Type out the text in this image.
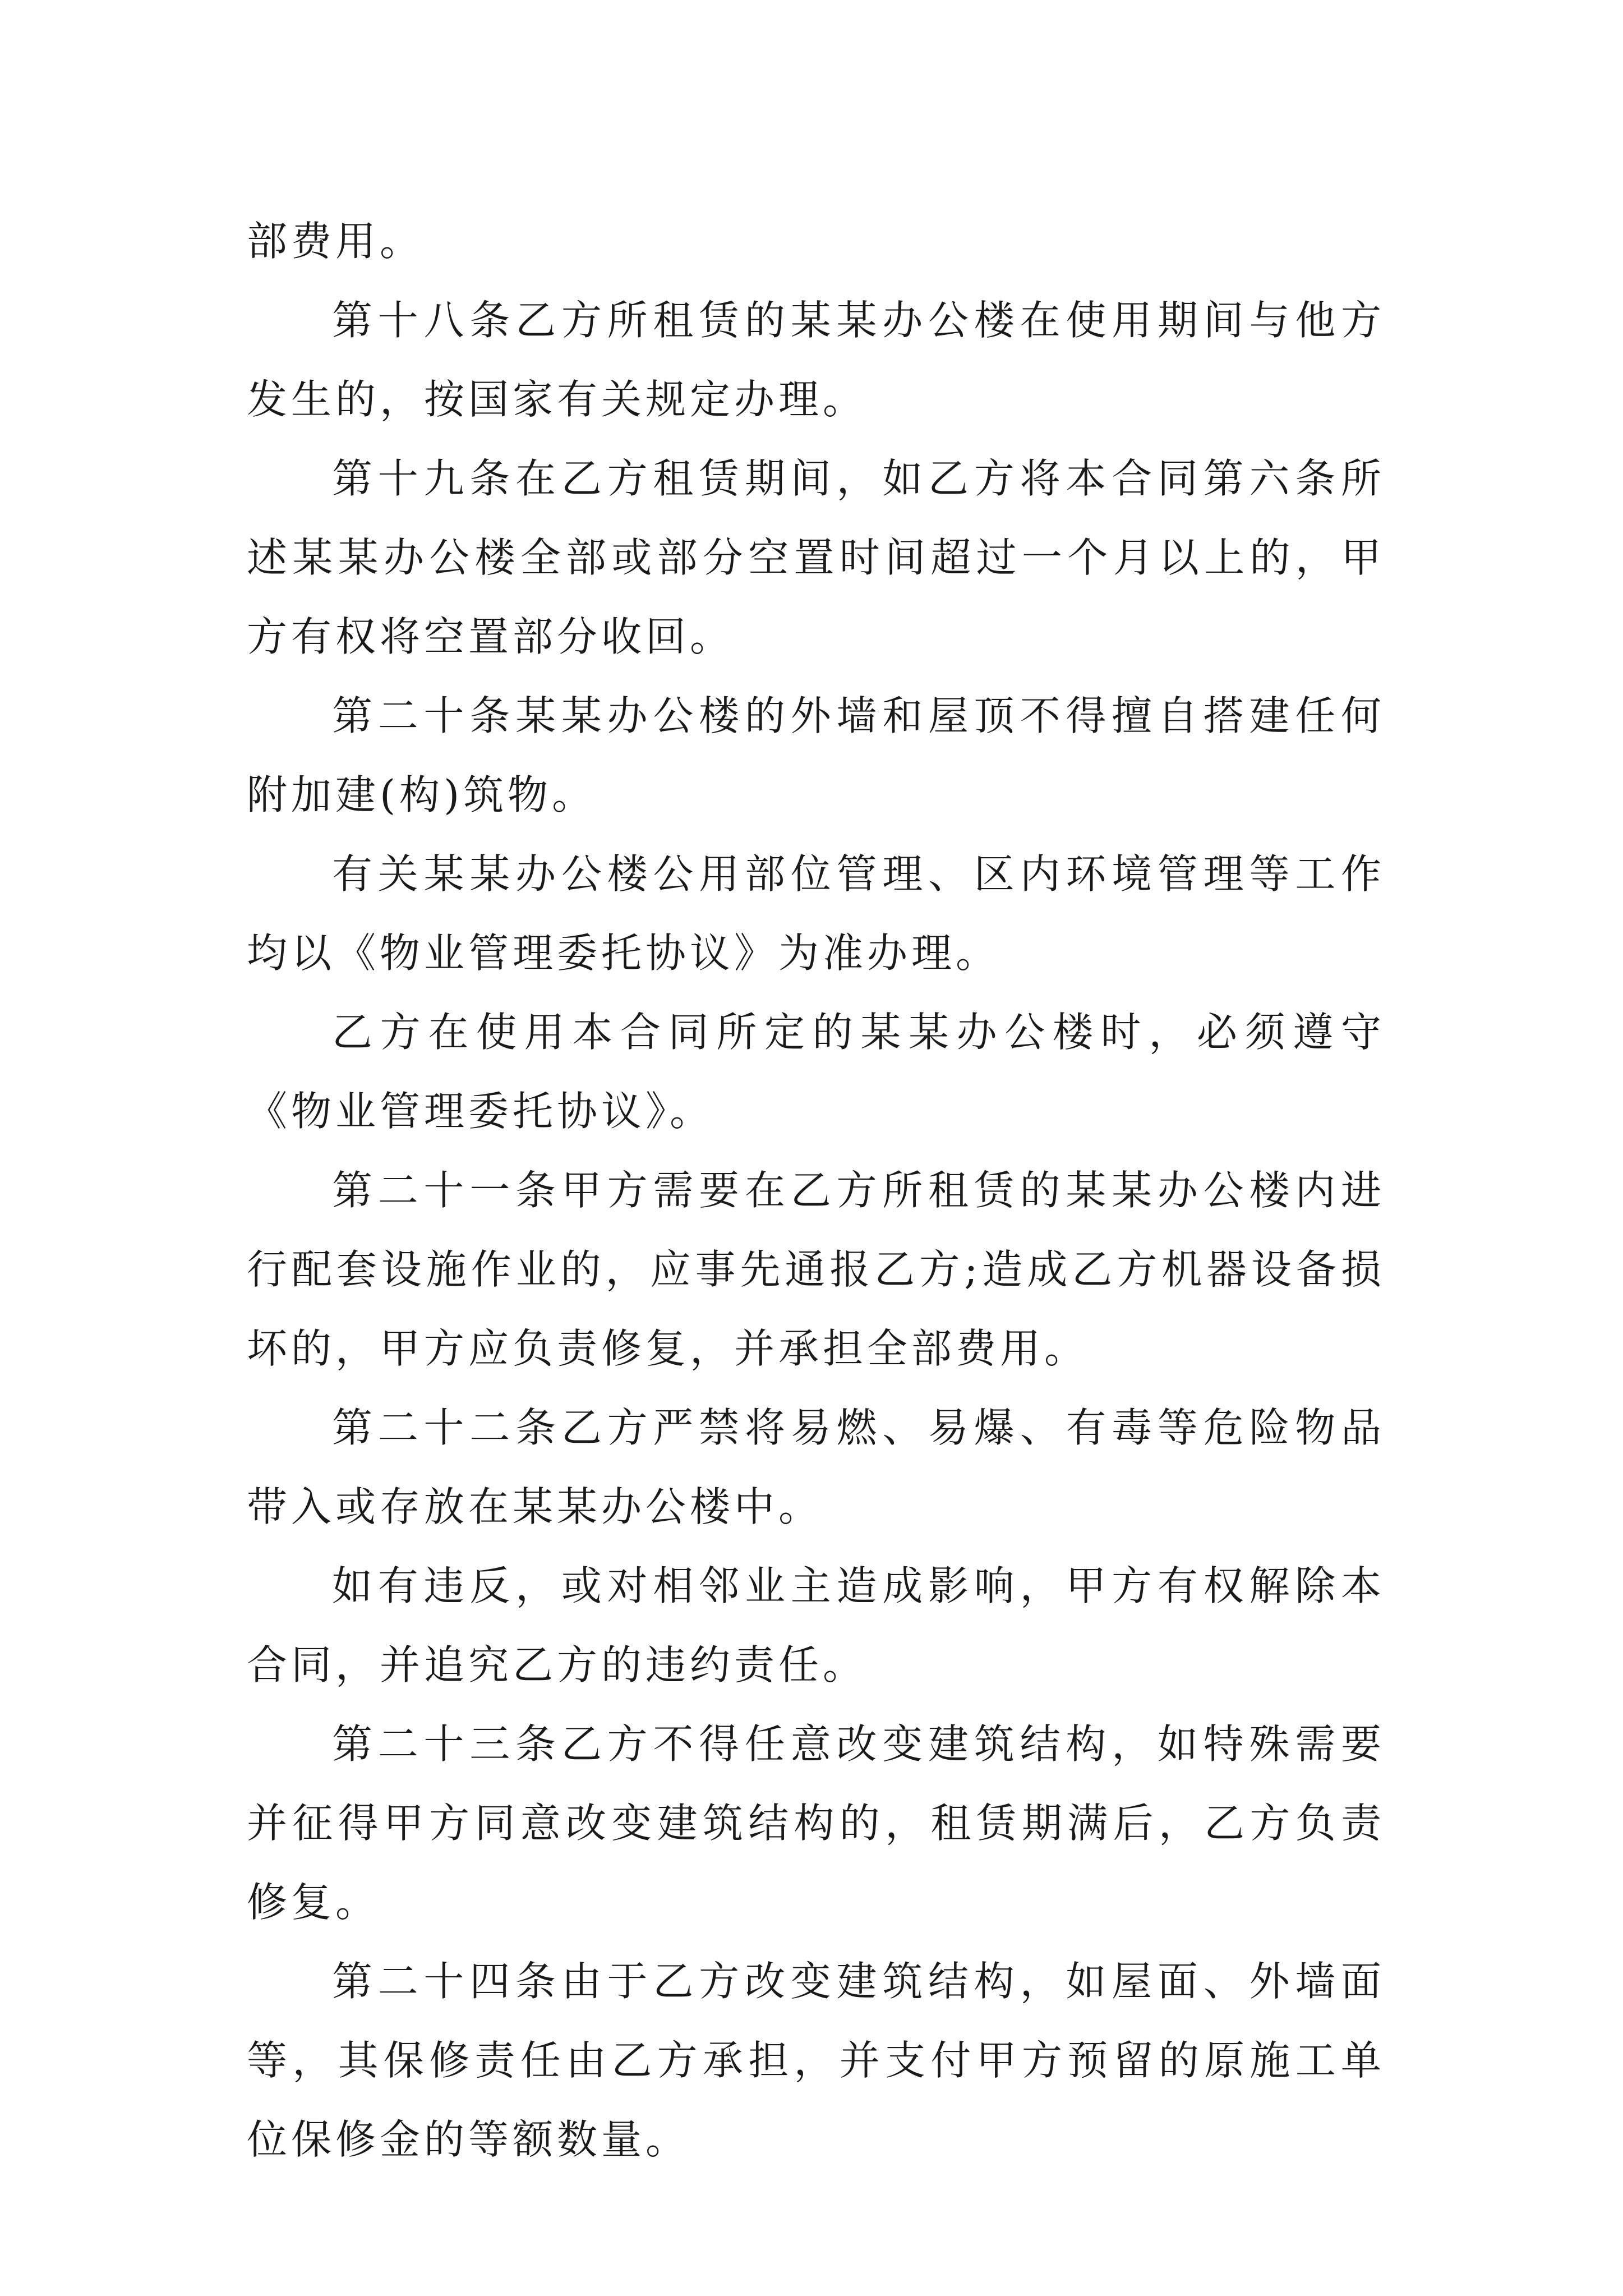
部费用。

第十八条乙方所租赁的某某办公楼在使用期间与他方发生的，按国家有关规定办理。

第十九条在乙方租赁期间，如乙方将本合同第六条所述某某办公楼全部或部分空置时间超过一个月以上的，甲方有权将空置部分收回。

第二十条某某办公楼的外墙和屋顶不得擅自搭建任何附加建(构)筑物。

有关某某办公楼公用部位管理、区内环境管理等工作均以《物业管理委托协议》为准办理。

乙方在使用本合同所定的某某办公楼时，必须遵守《物业管理委托协议》。

第二十一条甲方需要在乙方所租赁的某某办公楼内进行配套设施作业的，应事先通报乙方;造成乙方机器设备损坏的，甲方应负责修复，并承担全部费用。

第二十二条乙方严禁将易燃、易爆、有毒等危险物品带入或存放在某某办公楼中。

如有违反，或对相邻业主造成影响，甲方有权解除本合同，并追究乙方的违约责任。

第二十三条乙方不得任意改变建筑结构，如特殊需要并征得甲方同意改变建筑结构的，租赁期满后，乙方负责修复。

第二十四条由于乙方改变建筑结构，如屋面、外墙面等，其保修责任由乙方承担，并支付甲方预留的原施工单位保修金的等额数量。
